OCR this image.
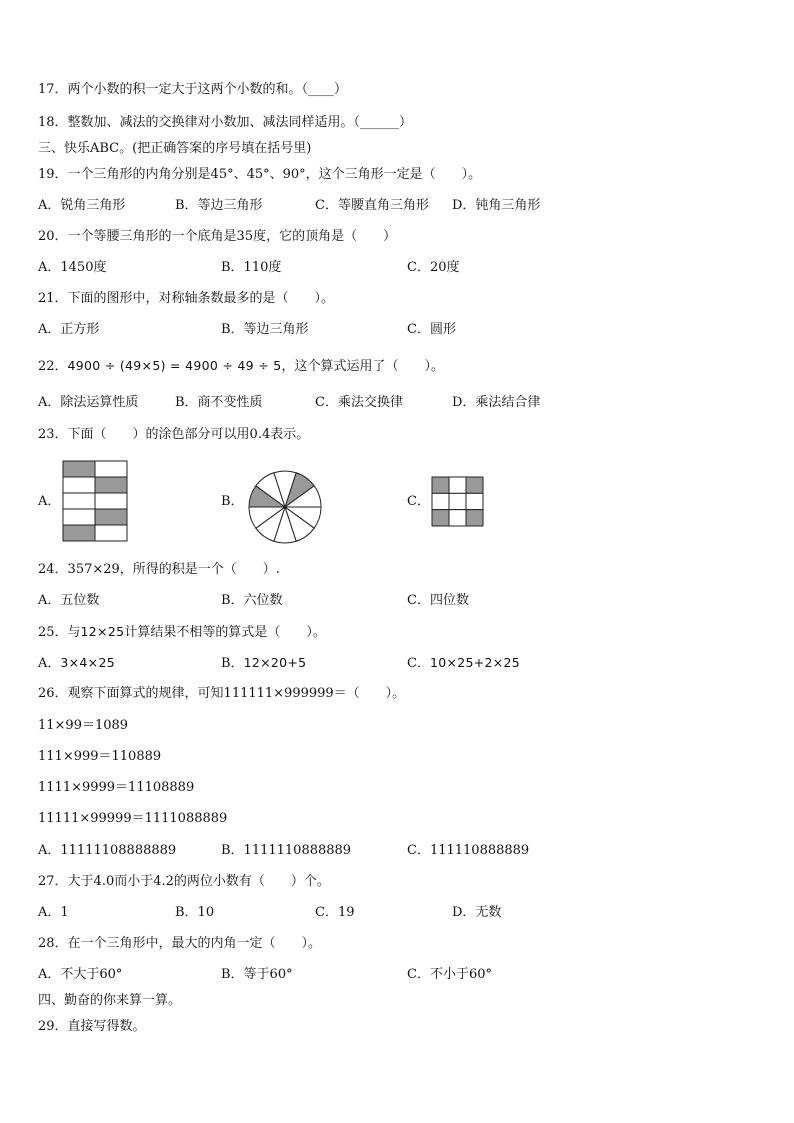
17．两个小数的积一定大于这两个小数的和。（____）
18．整数加、减法的交换律对小数加、减法同样适用。（______）
三、快乐ABC。(把正确答案的序号填在括号里)
19．一个三角形的内角分别是45°、45°、90°，这个三角形一定是（　　）。
A．锐角三角形	B．等边三角形	C．等腰直角三角形 D．钝角三角形
20．一个等腰三角形的一个底角是35度，它的顶角是（　　）
A．1450度	B．110度	C．20度
21．下面的图形中，对称轴条数最多的是（　　）。
A．正方形	B．等边三角形	C．圆形
22．4900 ÷ (49×5) = 4900 ÷ 49 ÷ 5，这个算式运用了（　　）。
A．除法运算性质	B．商不变性质	C．乘法交换律	D．乘法结合律
23．下面（　　）的涂色部分可以用0.4表示。
A．	B．	C．
24．357×29，所得的积是一个（　　）.
A．五位数	B．六位数	C．四位数
25．与12×25计算结果不相等的算式是（　　）。
A．3×4×25	B．12×20+5	C．10×25+2×25
26．观察下面算式的规律，可知111111×999999＝（　　）。
11×99＝1089
111×999＝110889
1111×9999＝11108889
11111×99999＝1111088889
A．11111108888889	B．1111110888889	C．111110888889
27．大于4.0而小于4.2的两位小数有（　　）个。
A．1	B．10	C．19	D．无数
28．在一个三角形中，最大的内角一定（　　）。
A．不大于60°	B．等于60°	C．不小于60°
四、勤奋的你来算一算。
29．直接写得数。
